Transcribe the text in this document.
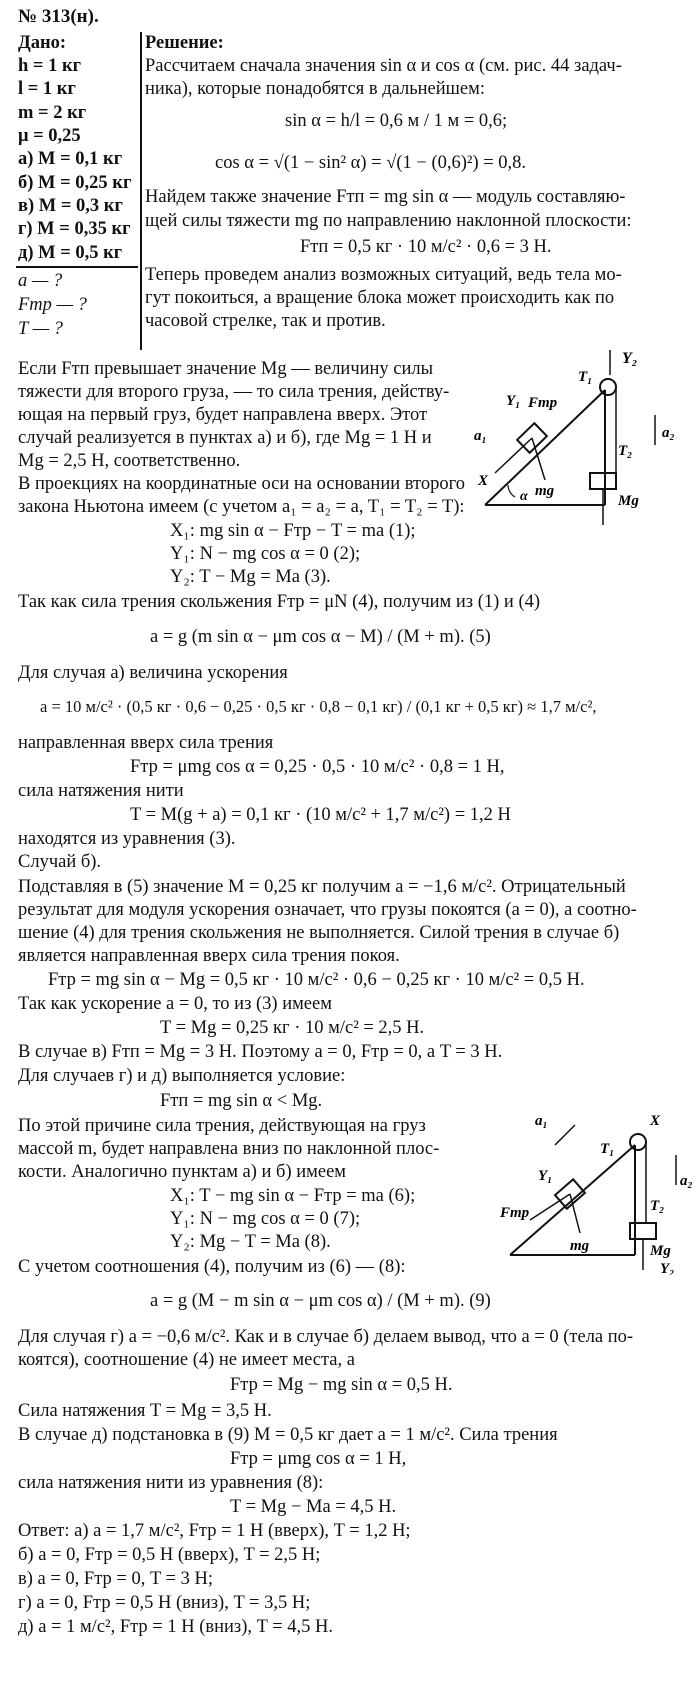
№ 313(н).
Дано:
h = 1 кг
l = 1 кг
m = 2 кг
μ = 0,25
а) M = 0,1 кг
б) M = 0,25 кг
в) M = 0,3 кг
г) M = 0,35 кг
д) M = 0,5 кг
a — ?
Fтр — ?
T — ?
Решение:
Рассчитаем сначала значения sin α и cos α (см. рис. 44 задач-
ника), которые понадобятся в дальнейшем:
sin α = h/l = 0,6 м / 1 м = 0,6;
cos α = √(1 − sin² α) = √(1 − (0,6)²) = 0,8.
Найдем также значение Fтп = mg sin α — модуль составляю-
щей силы тяжести mg по направлению наклонной плоскости:
Fтп = 0,5 кг · 10 м/с² · 0,6 = 3 Н.
Теперь проведем анализ возможных ситуаций, ведь тела мо-
гут покоиться, а вращение блока может происходить как по
часовой стрелке, так и против.
Y₂
Y₁ Fтр
T₁
a₂
a₁
T₂
X
mg
Mg
α
Если Fтп превышает значение Mg — величину силы
тяжести для второго груза, — то сила трения, действу-
ющая на первый груз, будет направлена вверх. Этот
случай реализуется в пунктах а) и б), где Mg = 1 Н и
Mg = 2,5 Н, соответственно.
В проекциях на координатные оси на основании второго
закона Ньютона имеем (с учетом a₁ = a₂ = a, T₁ = T₂ = T):
X₁: mg sin α − Fтр − T = ma (1);
Y₁: N − mg cos α = 0 (2);
Y₂: T − Mg = Ma (3).
Так как сила трения скольжения Fтр = μN (4), получим из (1) и (4)
a = g (m sin α − μm cos α − M) / (M + m). (5)
Для случая а) величина ускорения
a = 10 м/с² · (0,5 кг · 0,6 − 0,25 · 0,5 кг · 0,8 − 0,1 кг) / (0,1 кг + 0,5 кг) ≈ 1,7 м/с²,
направленная вверх сила трения
Fтр = μmg cos α = 0,25 · 0,5 · 10 м/с² · 0,8 = 1 Н,
сила натяжения нити
T = M(g + a) = 0,1 кг · (10 м/с² + 1,7 м/с²) = 1,2 Н
находятся из уравнения (3).
Случай б).
Подставляя в (5) значение M = 0,25 кг получим a = −1,6 м/с². Отрицательный
результат для модуля ускорения означает, что грузы покоятся (a = 0), а соотно-
шение (4) для трения скольжения не выполняется. Силой трения в случае б)
является направленная вверх сила трения покоя.
Fтр = mg sin α − Mg = 0,5 кг · 10 м/с² · 0,6 − 0,25 кг · 10 м/с² = 0,5 Н.
Так как ускорение a = 0, то из (3) имеем
T = Mg = 0,25 кг · 10 м/с² = 2,5 Н.
В случае в) Fтп = Mg = 3 Н. Поэтому a = 0, Fтр = 0, а T = 3 Н.
Для случаев г) и д) выполняется условие:
Fтп = mg sin α < Mg.
По этой причине сила трения, действующая на груз
массой m, будет направлена вниз по наклонной плос-
кости. Аналогично пунктам а) и б) имеем
X₁: T − mg sin α − Fтр = ma (6);
Y₁: N − mg cos α = 0 (7);
Y₂: Mg − T = Ma (8).
С учетом соотношения (4), получим из (6) — (8):
a = g (M − m sin α − μm cos α) / (M + m). (9)
Для случая г) a = −0,6 м/с². Как и в случае б) делаем вывод, что a = 0 (тела по-
коятся), соотношение (4) не имеет места, а
Fтр = Mg − mg sin α = 0,5 Н.
Сила натяжения T = Mg = 3,5 Н.
В случае д) подстановка в (9) M = 0,5 кг дает a = 1 м/с². Сила трения
Fтр = μmg cos α = 1 Н,
сила натяжения нити из уравнения (8):
T = Mg − Ma = 4,5 Н.
Ответ: а) a = 1,7 м/с², Fтр = 1 Н (вверх), T = 1,2 Н;
б) a = 0, Fтр = 0,5 Н (вверх), T = 2,5 Н;
в) a = 0, Fтр = 0, T = 3 Н;
г) a = 0, Fтр = 0,5 Н (вниз), T = 3,5 Н;
д) a = 1 м/с², Fтр = 1 Н (вниз), T = 4,5 Н.
a₁	X
Y₁
T₁
a₂
T₂
Fтр
mg	Mg
Y₂
